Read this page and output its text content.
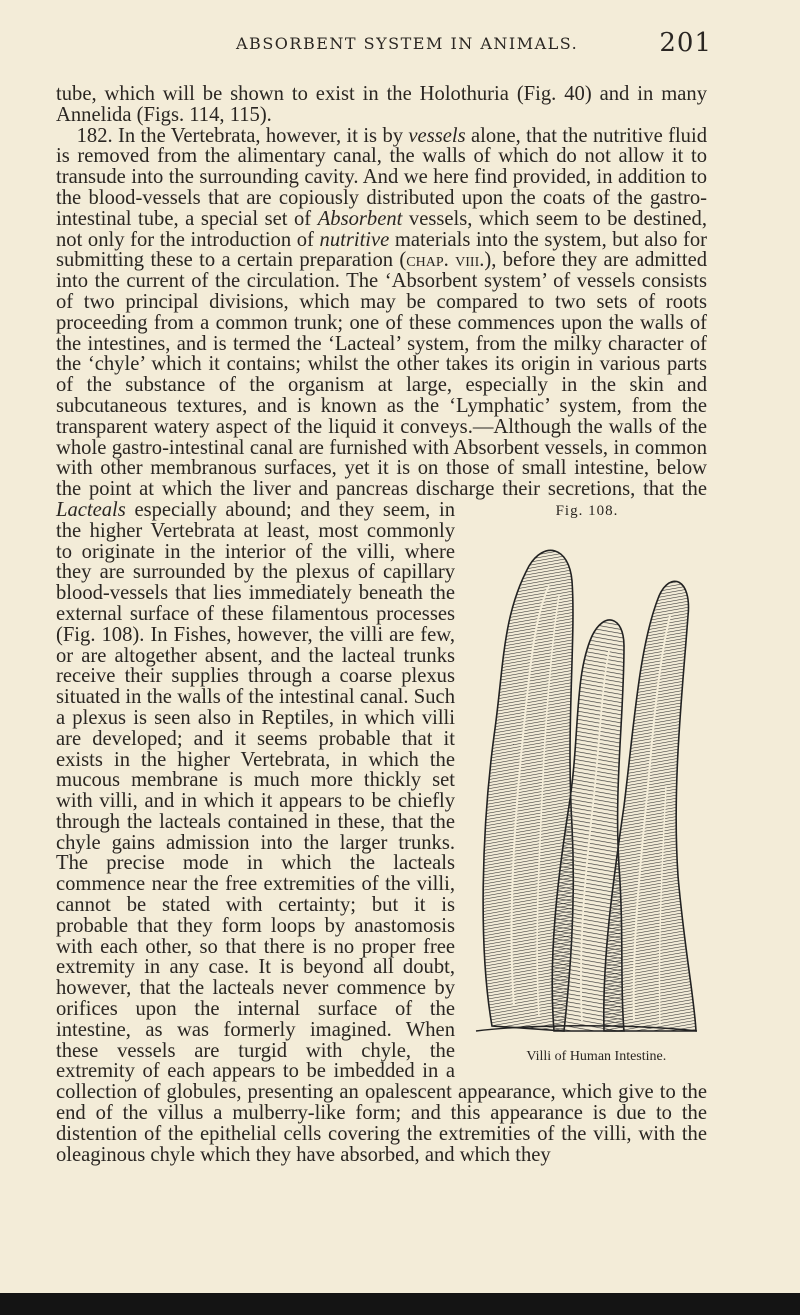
ABSORBENT SYSTEM IN ANIMALS.	201

tube, which will be shown to exist in the Holothuria (Fig. 40) and in many Annelida (Figs. 114, 115).

182. In the Vertebrata, however, it is by vessels alone, that the nutritive fluid is removed from the alimentary canal, the walls of which do not allow it to transude into the surrounding cavity. And we here find provided, in addition to the blood-vessels that are copiously distributed upon the coats of the gastro-intestinal tube, a special set of Absorbent vessels, which seem to be destined, not only for the introduction of nutritive materials into the system, but also for submitting these to a certain preparation (chap. viii.), before they are admitted into the current of the circulation. The ‘Absorbent system’ of vessels consists of two principal divisions, which may be compared to two sets of roots proceeding from a common trunk; one of these commences upon the walls of the intestines, and is termed the ‘Lacteal’ system, from the milky character of the ‘chyle’ which it contains; whilst the other takes its origin in various parts of the substance of the organism at large, especially in the skin and subcutaneous textures, and is known as the ‘Lymphatic’ system, from the transparent watery aspect of the liquid it conveys.—Although the walls of the whole gastro-intestinal canal are furnished with Absorbent vessels, in common with other membranous surfaces, yet it is on those of small intestine, below the point at which the liver and pancreas discharge their secretions, that the Lacteals	Fig. 108.
Villi of Human Intestine.
especially abound; and they seem, in the higher Vertebrata at least, most commonly to originate in the interior of the villi, where they are surrounded by the plexus of capillary blood-vessels that lies immediately beneath the external surface of these filamentous processes (Fig. 108). In Fishes, however, the villi are few, or are altogether absent, and the lacteal trunks receive their supplies through a coarse plexus situated in the walls of the intestinal canal. Such a plexus is seen also in Reptiles, in which villi are developed; and it seems probable that it exists in the higher Vertebrata, in which the mucous membrane is much more thickly set with villi, and in which it appears to be chiefly through the lacteals contained in these, that the chyle gains admission into the larger trunks. The precise mode in which the lacteals commence near the free extremities of the villi, cannot be stated with certainty; but it is probable that they form loops by anastomosis with each other, so that there is no proper free extremity in any case. It is beyond all doubt, however, that the lacteals never commence by orifices upon the internal surface of the intestine, as was formerly imagined. When these vessels are turgid with chyle, the extremity of each appears to be imbedded in a collection of globules, presenting an opalescent appearance, which give to the end of the villus a mulberry-like form; and this appearance is due to the distention of the epithelial cells covering the extremities of the villi, with the oleaginous chyle which they have absorbed, and which they
